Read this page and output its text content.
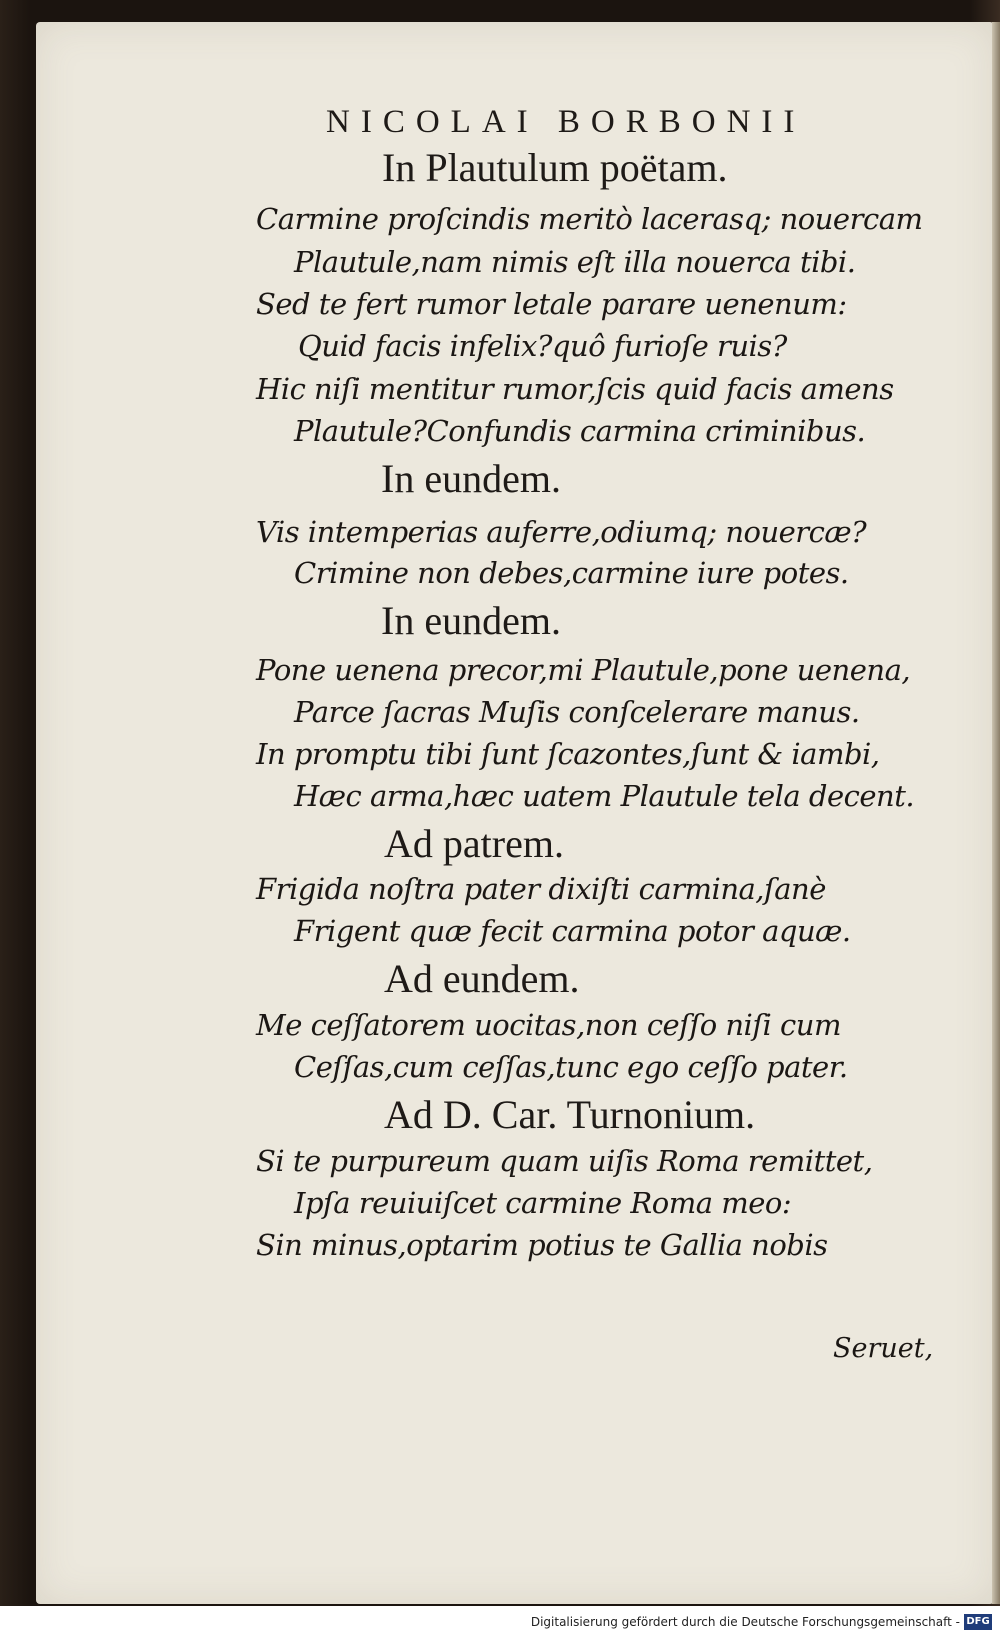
NICOLAI BORBONII
In Plautulum poëtam.
Carmine proſcindis meritò lacerasq; nouercam
Plautule,nam nimis eſt illa nouerca tibi.
Sed te fert rumor letale parare uenenum:
Quid facis infelix?quô furioſe ruis?
Hic niſi mentitur rumor,ſcis quid facis amens
Plautule?Confundis carmina criminibus.
In eundem.
Vis intemperias auferre,odiumq; nouercæ?
Crimine non debes,carmine iure potes.
In eundem.
Pone uenena precor,mi Plautule,pone uenena,
Parce ſacras Muſis conſcelerare manus.
In promptu tibi ſunt ſcazontes,ſunt & iambi,
Hæc arma,hæc uatem Plautule tela decent.
Ad patrem.
Frigida noſtra pater dixiſti carmina,ſanè
Frigent quæ fecit carmina potor aquæ.
Ad eundem.
Me ceſſatorem uocitas,non ceſſo niſi cum
Ceſſas,cum ceſſas,tunc ego ceſſo pater.
Ad D. Car. Turnonium.
Si te purpureum quam uiſis Roma remittet,
Ipſa reuiuiſcet carmine Roma meo:
Sin minus,optarim potius te Gallia nobis
Seruet,
Digitalisierung gefördert durch die Deutsche Forschungsgemeinschaft - DFG
